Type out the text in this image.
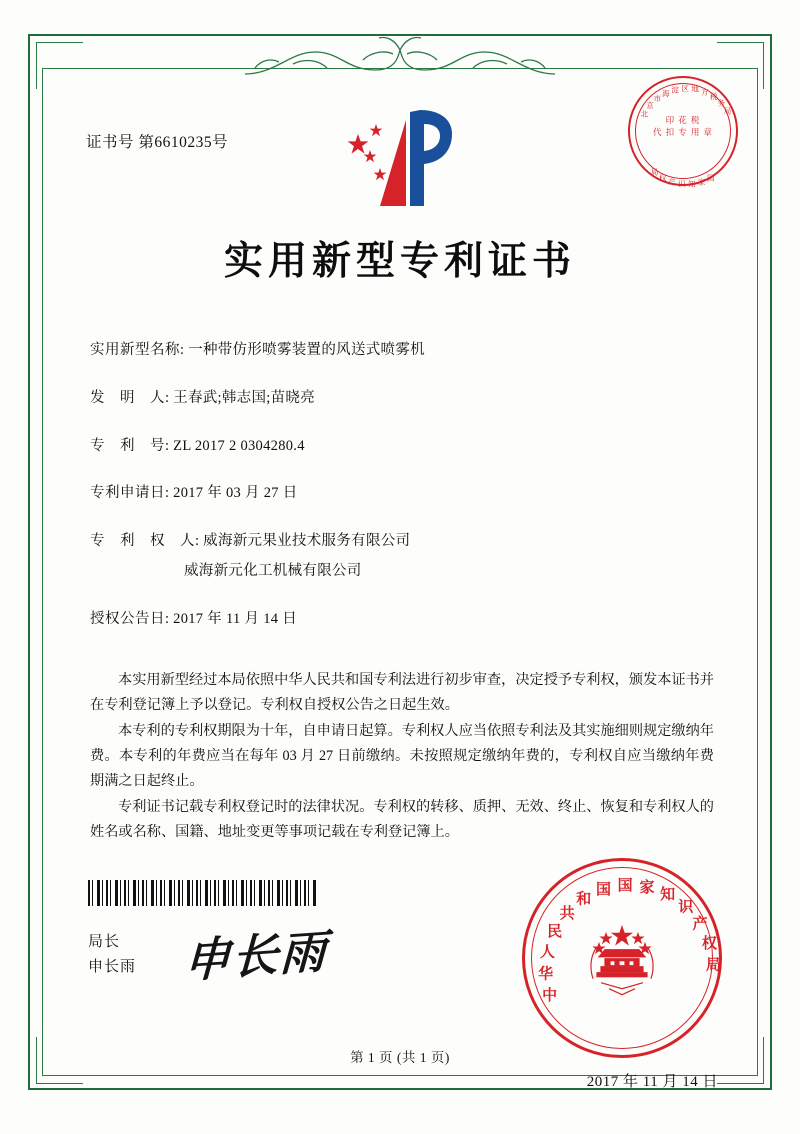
证书号 第6610235号
北
京
市
海 淀 区 地 方
税
务
局
国
家
知
识
产
权
局
印 花 税
代 扣 专 用 章
实用新型专利证书
实用新型名称: 一种带仿形喷雾装置的风送式喷雾机
发　明　人: 王春武;韩志国;苗晓亮
专　利　号: ZL 2017 2 0304280.4
专利申请日: 2017 年 03 月 27 日
专　利　权　人: 威海新元果业技术服务有限公司
威海新元化工机械有限公司
授权公告日: 2017 年 11 月 14 日

本实用新型经过本局依照中华人民共和国专利法进行初步审查，决定授予专利权，颁发本证书并在专利登记簿上予以登记。专利权自授权公告之日起生效。

本专利的专利权期限为十年，自申请日起算。专利权人应当依照专利法及其实施细则规定缴纳年费。本专利的年费应当在每年 03 月 27 日前缴纳。未按照规定缴纳年费的，专利权自应当缴纳年费期满之日起终止。

专利证书记载专利权登记时的法律状况。专利权的转移、质押、无效、终止、恢复和专利权人的姓名或名称、国籍、地址变更等事项记载在专利登记簿上。

局长
申长雨 申长雨
中
华
人
民
共
和
国 国 家 知
识
产
权
局
2017 年 11 月 14 日
第 1 页 (共 1 页)
